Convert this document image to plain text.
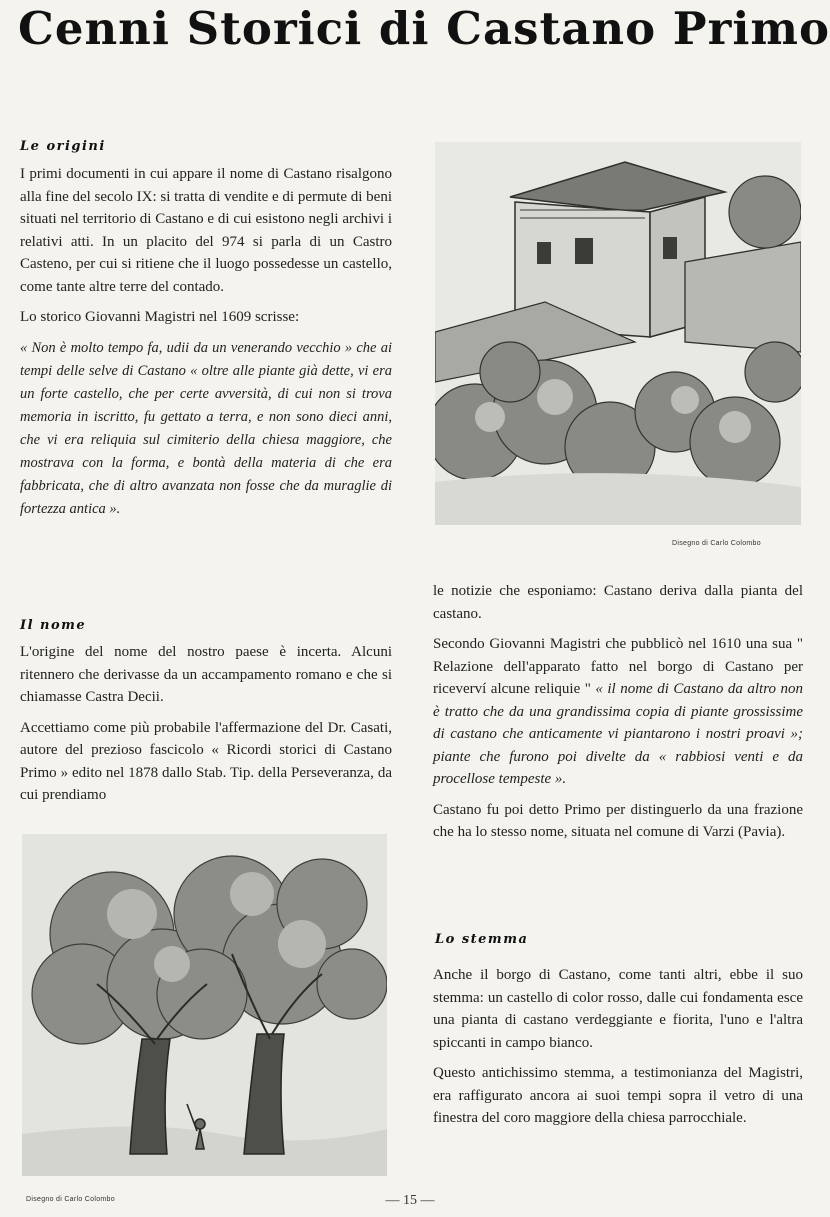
Cenni Storici di Castano Primo
Le origini

I primi documenti in cui appare il nome di Castano risalgono alla fine del secolo IX: si tratta di vendite e di permute di beni situati nel territorio di Castano e di cui esistono negli archivi i relativi atti. In un placito del 974 si parla di un Castro Casteno, per cui si ritiene che il luogo possedesse un castello, come tante altre terre del contado.

Lo storico Giovanni Magistri nel 1609 scrisse:

« Non è molto tempo fa, udii da un venerando vecchio » che ai tempi delle selve di Castano « oltre alle piante già dette, vi era un forte castello, che per certe avversità, di cui non si trova memoria in iscritto, fu gettato a terra, e non sono dieci anni, che vi era reliquia sul cimiterio della chiesa maggiore, che mostrava con la forma, e bontà della materia di che era fabbricata, che di altro avanzata non fosse che da muraglie di fortezza antica ».

Il nome

L'origine del nome del nostro paese è incerta. Alcuni ritennero che derivasse da un accampamento romano e che si chiamasse Castra Decii.

Accettiamo come più probabile l'affermazione del Dr. Casati, autore del prezioso fascicolo « Ricordi storici di Castano Primo » edito nel 1878 dallo Stab. Tip. della Perseveranza, da cui prendiamo

Disegno di Carlo Colombo
Disegno di Carlo Colombo

le notizie che esponiamo: Castano deriva dalla pianta del castano.

Secondo Giovanni Magistri che pubblicò nel 1610 una sua " Relazione dell'apparato fatto nel borgo di Castano per riceverví alcune reliquie " « il nome di Castano da altro non è tratto che da una grandissima copia di piante grossissime di castano che anticamente vi piantarono i nostri proavi »; piante che furono poi divelte da « rabbiosi venti e da procellose tempeste ».

Castano fu poi detto Primo per distinguerlo da una frazione che ha lo stesso nome, situata nel comune di Varzi (Pavia).

Lo stemma

Anche il borgo di Castano, come tanti altri, ebbe il suo stemma: un castello di color rosso, dalle cui fondamenta esce una pianta di castano verdeggiante e fiorita, l'uno e l'altra spiccanti in campo bianco.

Questo antichissimo stemma, a testimonianza del Magistri, era raffigurato ancora ai suoi tempi sopra il vetro di una finestra del coro maggiore della chiesa parrocchiale.

— 15 —
